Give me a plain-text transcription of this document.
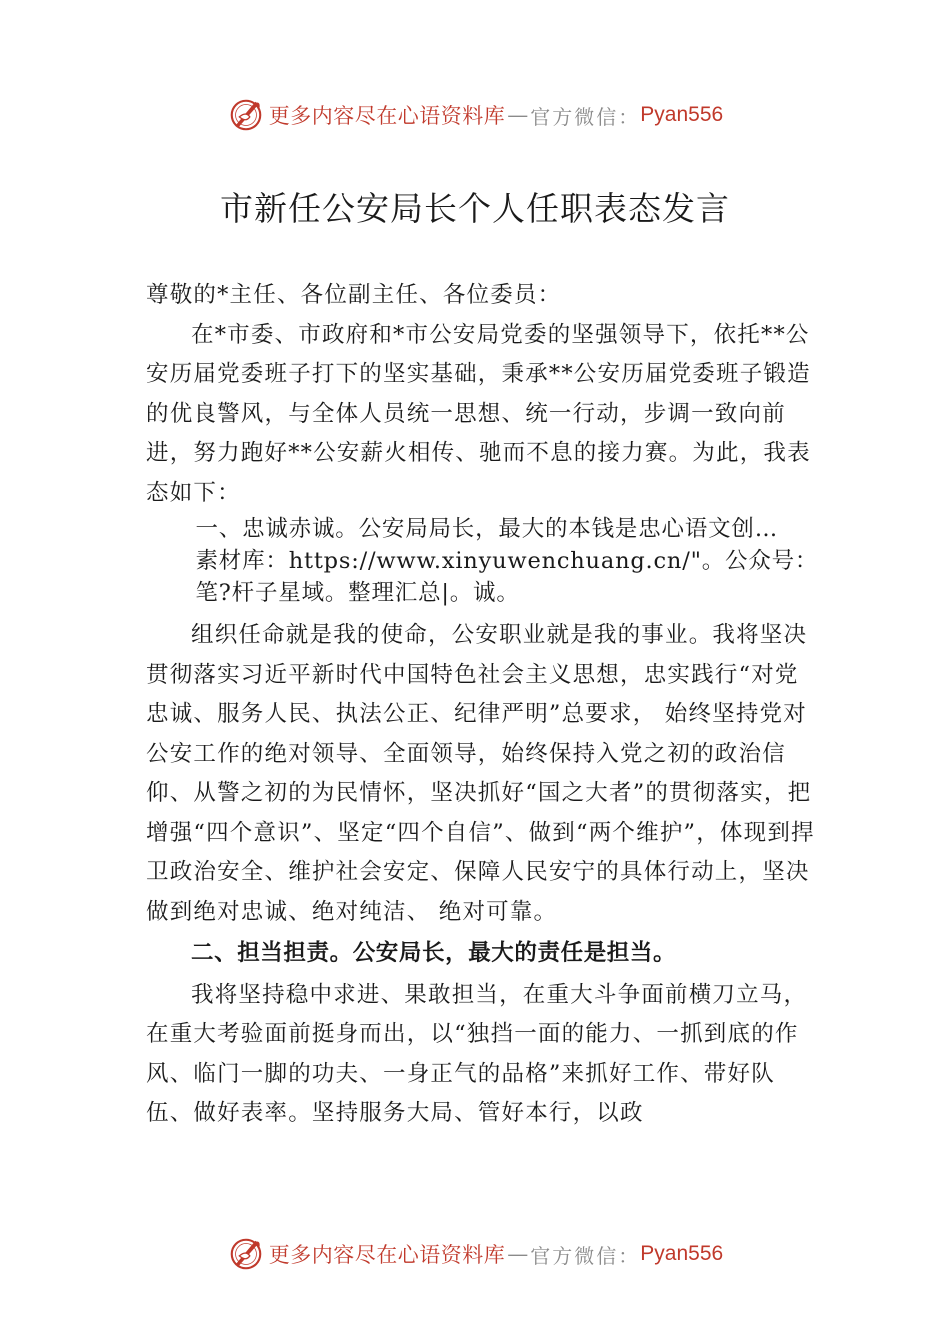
更多内容尽在心语资料库 — 官方微信： Pyan556
市新任公安局长个人任职表态发言

尊敬的*主任、各位副主任、各位委员：

在*市委、市政府和*市公安局党委的坚强领导下，依托**公安历届党委班子打下的坚实基础，秉承**公安历届党委班子锻造的优良警风，与全体人员统一思想、统一行动，步调一致向前进，努力跑好**公安薪火相传、驰而不息的接力赛。为此，我表态如下：

一、忠诚赤诚。公安局局长，最大的本钱是忠心语文创…
素材库：https://www.xinyuwenchuang.cn/"。公众号：
笔?杆子星域。整理汇总|。诚。

组织任命就是我的使命，公安职业就是我的事业。我将坚决贯彻落实习近平新时代中国特色社会主义思想，忠实践行“对党忠诚、服务人民、执法公正、纪律严明”总要求， 始终坚持党对公安工作的绝对领导、全面领导，始终保持入党之初的政治信仰、从警之初的为民情怀，坚决抓好“国之大者”的贯彻落实，把增强“四个意识”、坚定“四个自信”、做到“两个维护”，体现到捍卫政治安全、维护社会安定、保障人民安宁的具体行动上，坚决做到绝对忠诚、绝对纯洁、 绝对可靠。

二、担当担责。公安局长，最大的责任是担当。

我将坚持稳中求进、果敢担当，在重大斗争面前横刀立马，在重大考验面前挺身而出，以“独挡一面的能力、一抓到底的作风、临门一脚的功夫、一身正气的品格”来抓好工作、带好队伍、做好表率。坚持服务大局、管好本行，以政

更多内容尽在心语资料库 — 官方微信： Pyan556
